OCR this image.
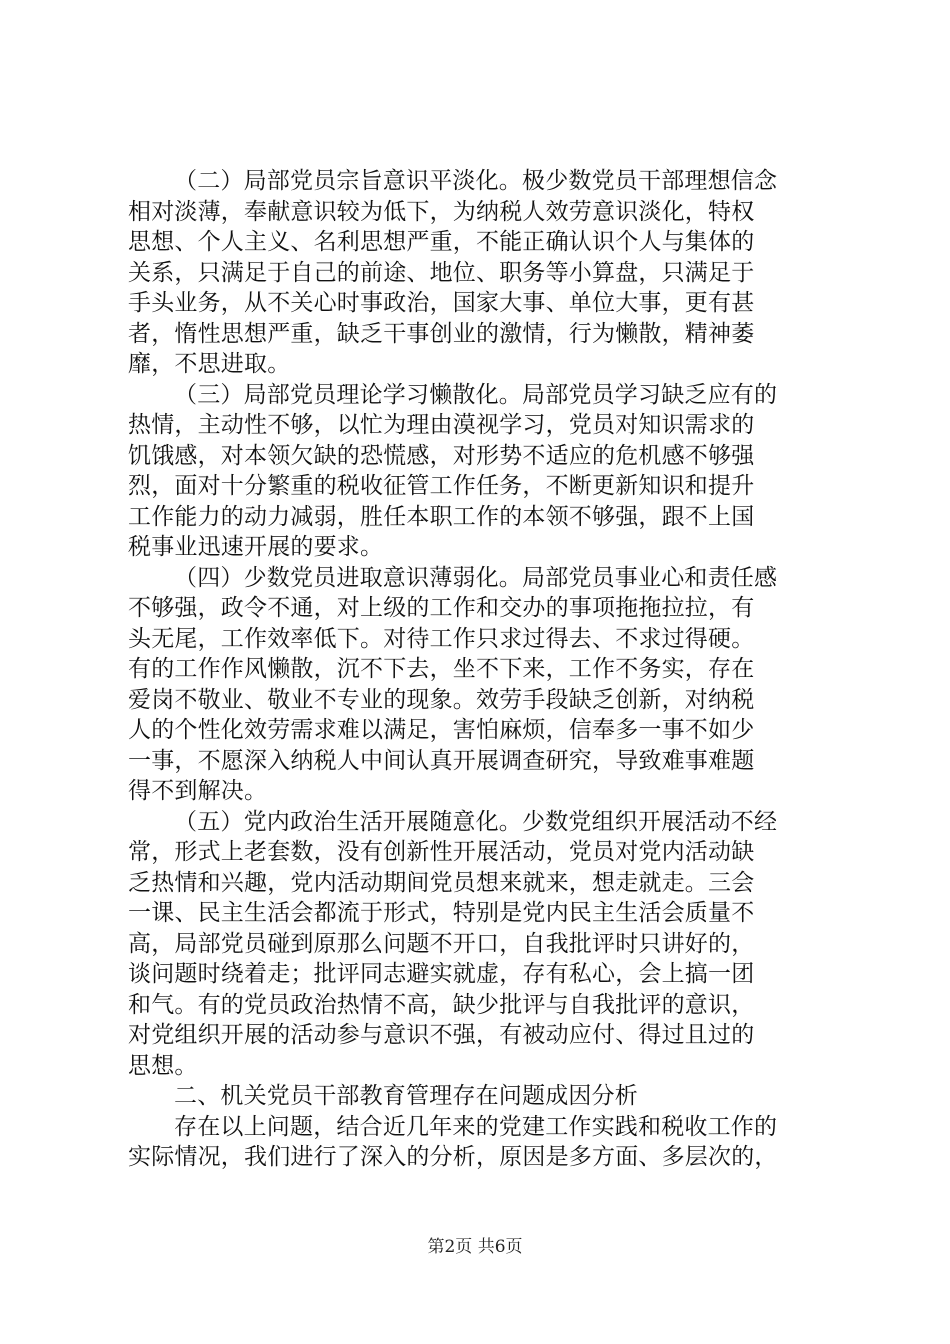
（二）局部党员宗旨意识平淡化。极少数党员干部理想信念
相对淡薄，奉献意识较为低下，为纳税人效劳意识淡化，特权
思想、个人主义、名利思想严重，不能正确认识个人与集体的
关系，只满足于自己的前途、地位、职务等小算盘，只满足于
手头业务，从不关心时事政治，国家大事、单位大事，更有甚
者，惰性思想严重，缺乏干事创业的激情，行为懒散，精神萎
靡，不思进取。
（三）局部党员理论学习懒散化。局部党员学习缺乏应有的
热情，主动性不够，以忙为理由漠视学习，党员对知识需求的
饥饿感，对本领欠缺的恐慌感，对形势不适应的危机感不够强
烈，面对十分繁重的税收征管工作任务，不断更新知识和提升
工作能力的动力减弱，胜任本职工作的本领不够强，跟不上国
税事业迅速开展的要求。
（四）少数党员进取意识薄弱化。局部党员事业心和责任感
不够强，政令不通，对上级的工作和交办的事项拖拖拉拉，有
头无尾，工作效率低下。对待工作只求过得去、不求过得硬。
有的工作作风懒散，沉不下去，坐不下来，工作不务实，存在
爱岗不敬业、敬业不专业的现象。效劳手段缺乏创新，对纳税
人的个性化效劳需求难以满足，害怕麻烦，信奉多一事不如少
一事，不愿深入纳税人中间认真开展调查研究，导致难事难题
得不到解决。
（五）党内政治生活开展随意化。少数党组织开展活动不经
常，形式上老套数，没有创新性开展活动，党员对党内活动缺
乏热情和兴趣，党内活动期间党员想来就来，想走就走。三会
一课、民主生活会都流于形式，特别是党内民主生活会质量不
高，局部党员碰到原那么问题不开口，自我批评时只讲好的，
谈问题时绕着走；批评同志避实就虚，存有私心，会上搞一团
和气。有的党员政治热情不高，缺少批评与自我批评的意识，
对党组织开展的活动参与意识不强，有被动应付、得过且过的
思想。
二、机关党员干部教育管理存在问题成因分析
存在以上问题，结合近几年来的党建工作实践和税收工作的
实际情况，我们进行了深入的分析，原因是多方面、多层次的，
第2页 共6页
